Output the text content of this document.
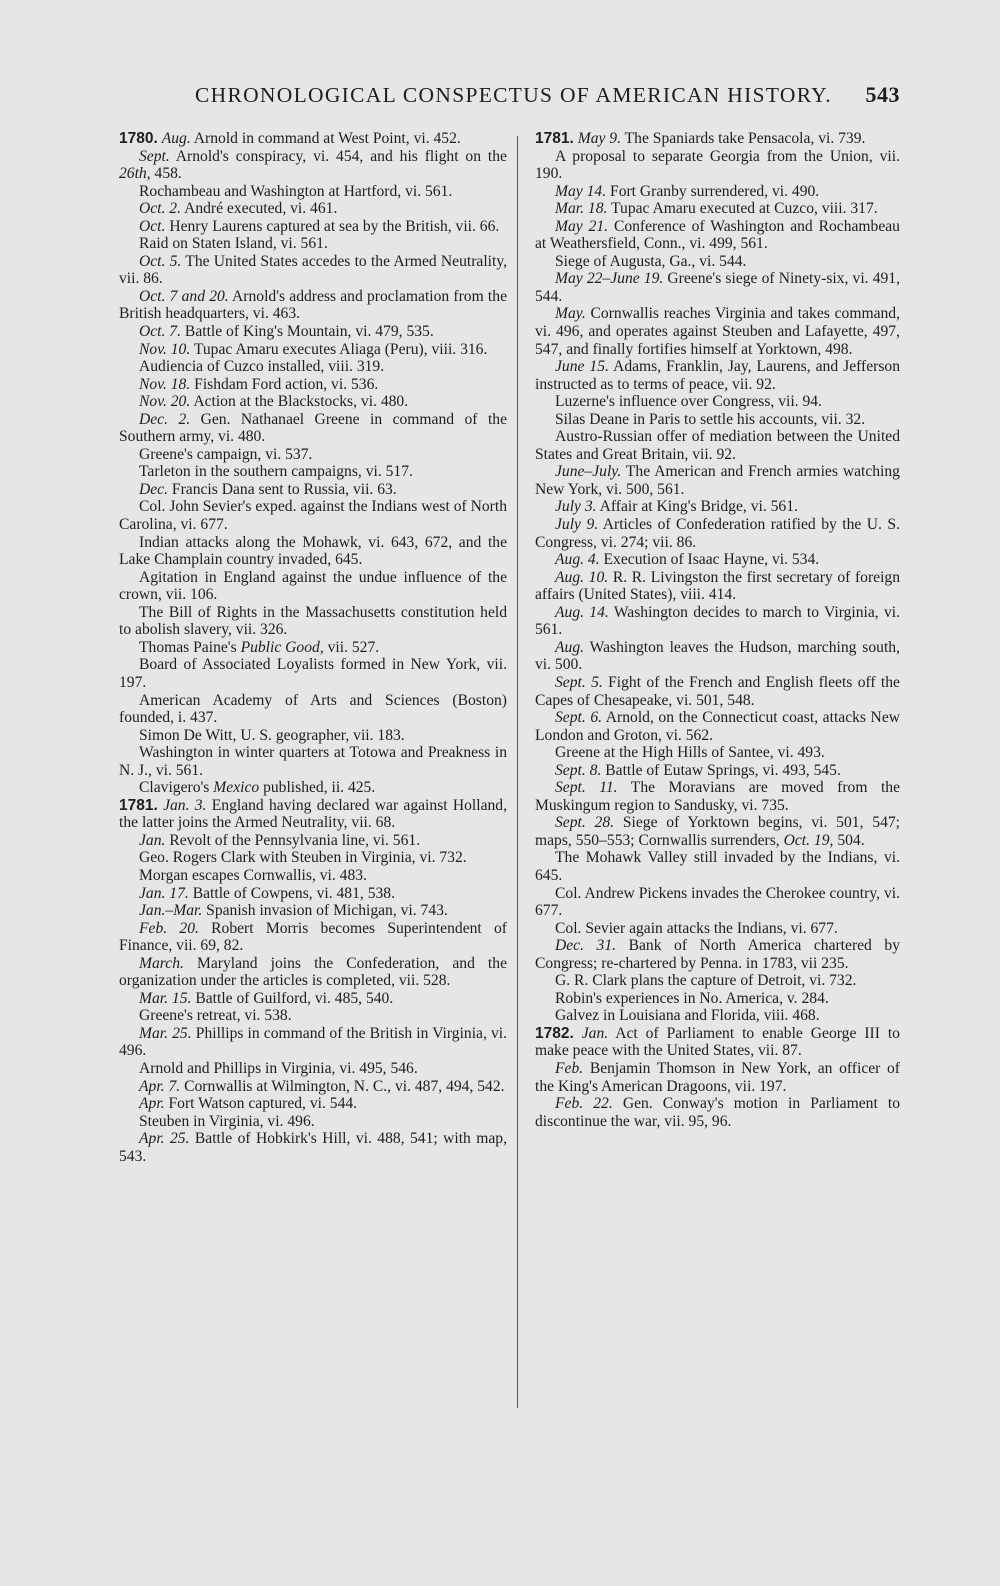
CHRONOLOGICAL CONSPECTUS OF AMERICAN HISTORY. 543

1780. Aug. Arnold in command at West Point, vi. 452.

Sept. Arnold's conspiracy, vi. 454, and his flight on the 26th, 458.

Rochambeau and Washington at Hartford, vi. 561.

Oct. 2. André executed, vi. 461.

Oct. Henry Laurens captured at sea by the British, vii. 66.

Raid on Staten Island, vi. 561.

Oct. 5. The United States accedes to the Armed Neutrality, vii. 86.

Oct. 7 and 20. Arnold's address and proclamation from the British headquarters, vi. 463.

Oct. 7. Battle of King's Mountain, vi. 479, 535.

Nov. 10. Tupac Amaru executes Aliaga (Peru), viii. 316.

Audiencia of Cuzco installed, viii. 319.

Nov. 18. Fishdam Ford action, vi. 536.

Nov. 20. Action at the Blackstocks, vi. 480.

Dec. 2. Gen. Nathanael Greene in command of the Southern army, vi. 480.

Greene's campaign, vi. 537.

Tarleton in the southern campaigns, vi. 517.

Dec. Francis Dana sent to Russia, vii. 63.

Col. John Sevier's exped. against the Indians west of North Carolina, vi. 677.

Indian attacks along the Mohawk, vi. 643, 672, and the Lake Champlain country invaded, 645.

Agitation in England against the undue influence of the crown, vii. 106.

The Bill of Rights in the Massachusetts constitution held to abolish slavery, vii. 326.

Thomas Paine's Public Good, vii. 527.

Board of Associated Loyalists formed in New York, vii. 197.

American Academy of Arts and Sciences (Boston) founded, i. 437.

Simon De Witt, U. S. geographer, vii. 183.

Washington in winter quarters at Totowa and Preakness in N. J., vi. 561.

Clavigero's Mexico published, ii. 425.

1781. Jan. 3. England having declared war against Holland, the latter joins the Armed Neutrality, vii. 68.

Jan. Revolt of the Pennsylvania line, vi. 561.

Geo. Rogers Clark with Steuben in Virginia, vi. 732.

Morgan escapes Cornwallis, vi. 483.

Jan. 17. Battle of Cowpens, vi. 481, 538.

Jan.–Mar. Spanish invasion of Michigan, vi. 743.

Feb. 20. Robert Morris becomes Superintendent of Finance, vii. 69, 82.

March. Maryland joins the Confederation, and the organization under the articles is completed, vii. 528.

Mar. 15. Battle of Guilford, vi. 485, 540.

Greene's retreat, vi. 538.

Mar. 25. Phillips in command of the British in Virginia, vi. 496.

Arnold and Phillips in Virginia, vi. 495, 546.

Apr. 7. Cornwallis at Wilmington, N. C., vi. 487, 494, 542.

Apr. Fort Watson captured, vi. 544.

Steuben in Virginia, vi. 496.

Apr. 25. Battle of Hobkirk's Hill, vi. 488, 541; with map, 543.

1781. May 9. The Spaniards take Pensacola, vi. 739.

A proposal to separate Georgia from the Union, vii. 190.

May 14. Fort Granby surrendered, vi. 490.

Mar. 18. Tupac Amaru executed at Cuzco, viii. 317.

May 21. Conference of Washington and Rochambeau at Weathersfield, Conn., vi. 499, 561.

Siege of Augusta, Ga., vi. 544.

May 22–June 19. Greene's siege of Ninety-six, vi. 491, 544.

May. Cornwallis reaches Virginia and takes command, vi. 496, and operates against Steuben and Lafayette, 497, 547, and finally fortifies himself at Yorktown, 498.

June 15. Adams, Franklin, Jay, Laurens, and Jefferson instructed as to terms of peace, vii. 92.

Luzerne's influence over Congress, vii. 94.

Silas Deane in Paris to settle his accounts, vii. 32.

Austro-Russian offer of mediation between the United States and Great Britain, vii. 92.

June–July. The American and French armies watching New York, vi. 500, 561.

July 3. Affair at King's Bridge, vi. 561.

July 9. Articles of Confederation ratified by the U. S. Congress, vi. 274; vii. 86.

Aug. 4. Execution of Isaac Hayne, vi. 534.

Aug. 10. R. R. Livingston the first secretary of foreign affairs (United States), viii. 414.

Aug. 14. Washington decides to march to Virginia, vi. 561.

Aug. Washington leaves the Hudson, marching south, vi. 500.

Sept. 5. Fight of the French and English fleets off the Capes of Chesapeake, vi. 501, 548.

Sept. 6. Arnold, on the Connecticut coast, attacks New London and Groton, vi. 562.

Greene at the High Hills of Santee, vi. 493.

Sept. 8. Battle of Eutaw Springs, vi. 493, 545.

Sept. 11. The Moravians are moved from the Muskingum region to Sandusky, vi. 735.

Sept. 28. Siege of Yorktown begins, vi. 501, 547; maps, 550–553; Cornwallis surrenders, Oct. 19, 504.

The Mohawk Valley still invaded by the Indians, vi. 645.

Col. Andrew Pickens invades the Cherokee country, vi. 677.

Col. Sevier again attacks the Indians, vi. 677.

Dec. 31. Bank of North America chartered by Congress; re-chartered by Penna. in 1783, vii 235.

G. R. Clark plans the capture of Detroit, vi. 732.

Robin's experiences in No. America, v. 284.

Galvez in Louisiana and Florida, viii. 468.

1782. Jan. Act of Parliament to enable George III to make peace with the United States, vii. 87.

Feb. Benjamin Thomson in New York, an officer of the King's American Dragoons, vii. 197.

Feb. 22. Gen. Conway's motion in Parliament to discontinue the war, vii. 95, 96.
